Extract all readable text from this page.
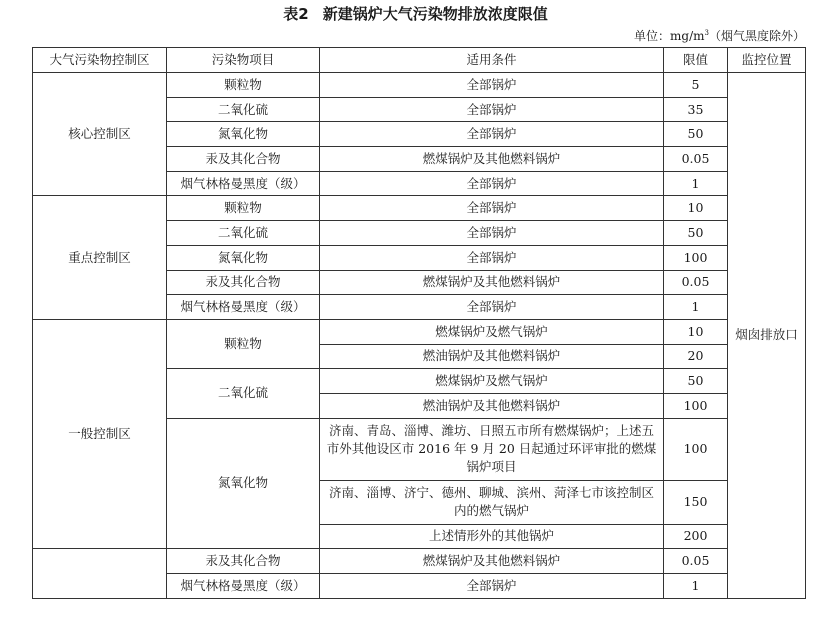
表2 新建锅炉大气污染物排放浓度限值
单位：$mg/m^3$（烟气黑度除外）
大气污染物控制区	污染物项目	适用条件	限值	监控位置
核心控制区	颗粒物	全部锅炉	5	烟囱排放口
	二氧化硫	全部锅炉	35	
	氮氧化物	全部锅炉	50	
	汞及其化合物	燃煤锅炉及其他燃料锅炉	0.05	
	烟气林格曼黑度（级）	全部锅炉	1	
重点控制区	颗粒物	全部锅炉	10	
	二氧化硫	全部锅炉	50	
	氮氧化物	全部锅炉	100	
	汞及其化合物	燃煤锅炉及其他燃料锅炉	0.05	
	烟气林格曼黑度（级）	全部锅炉	1	
一般控制区	颗粒物	燃煤锅炉及燃气锅炉	10	
		燃油锅炉及其他燃料锅炉	20	
	二氧化硫	燃煤锅炉及燃气锅炉	50	
		燃油锅炉及其他燃料锅炉	100	
	氮氧化物	济南、青岛、淄博、潍坊、日照五市所有燃煤锅炉；上述五市外其他设区市 2016 年 9 月 20 日起通过环评审批的燃煤锅炉项目	100	
		济南、淄博、济宁、德州、聊城、滨州、菏泽七市该控制区内的燃气锅炉	150	
		上述情形外的其他锅炉	200	
	汞及其化合物	燃煤锅炉及其他燃料锅炉	0.05	
	烟气林格曼黑度（级）	全部锅炉	1	
